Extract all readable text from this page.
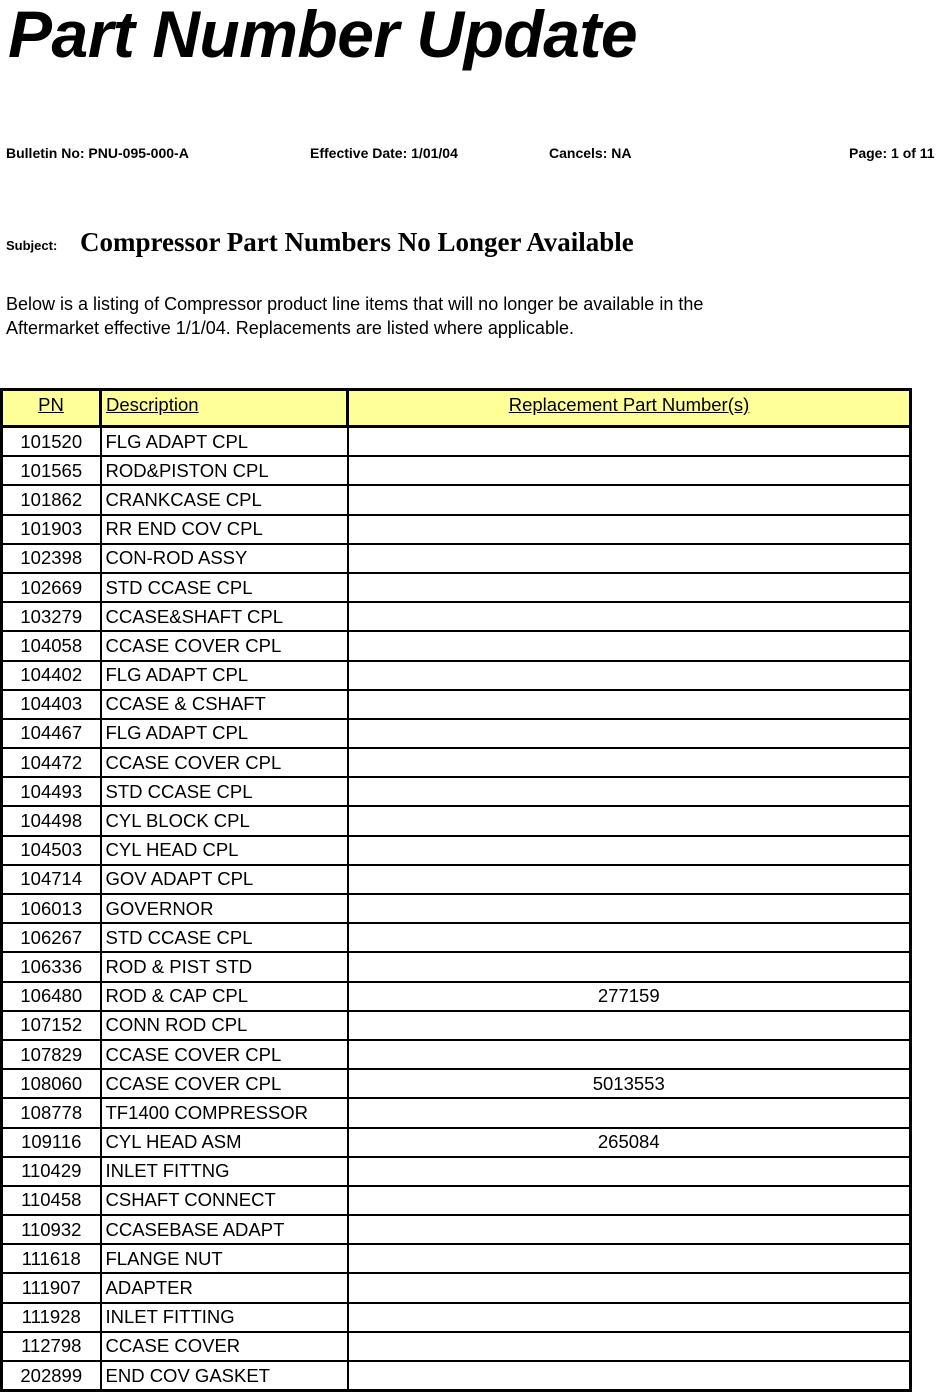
Part Number Update
Bulletin No: PNU-095-000-A	Effective Date: 1/01/04	Cancels: NA	Page: 1 of 11
Subject: Compressor Part Numbers No Longer Available
Below is a listing of Compressor product line items that will no longer be available in the
Aftermarket effective 1/1/04. Replacements are listed where applicable.
PN	Description	Replacement Part Number(s)
101520	FLG ADAPT CPL	
101565	ROD&PISTON CPL	
101862	CRANKCASE CPL	
101903	RR END COV CPL	
102398	CON-ROD ASSY	
102669	STD CCASE CPL	
103279	CCASE&SHAFT CPL	
104058	CCASE COVER CPL	
104402	FLG ADAPT CPL	
104403	CCASE & CSHAFT	
104467	FLG ADAPT CPL	
104472	CCASE COVER CPL	
104493	STD CCASE CPL	
104498	CYL BLOCK CPL	
104503	CYL HEAD CPL	
104714	GOV ADAPT CPL	
106013	GOVERNOR	
106267	STD CCASE CPL	
106336	ROD & PIST STD	
106480	ROD & CAP CPL	277159
107152	CONN ROD CPL	
107829	CCASE COVER CPL	
108060	CCASE COVER CPL	5013553
108778	TF1400 COMPRESSOR	
109116	CYL HEAD ASM	265084
110429	INLET FITTNG	
110458	CSHAFT CONNECT	
110932	CCASEBASE ADAPT	
111618	FLANGE NUT	
111907	ADAPTER	
111928	INLET FITTING	
112798	CCASE COVER	
202899	END COV GASKET	
